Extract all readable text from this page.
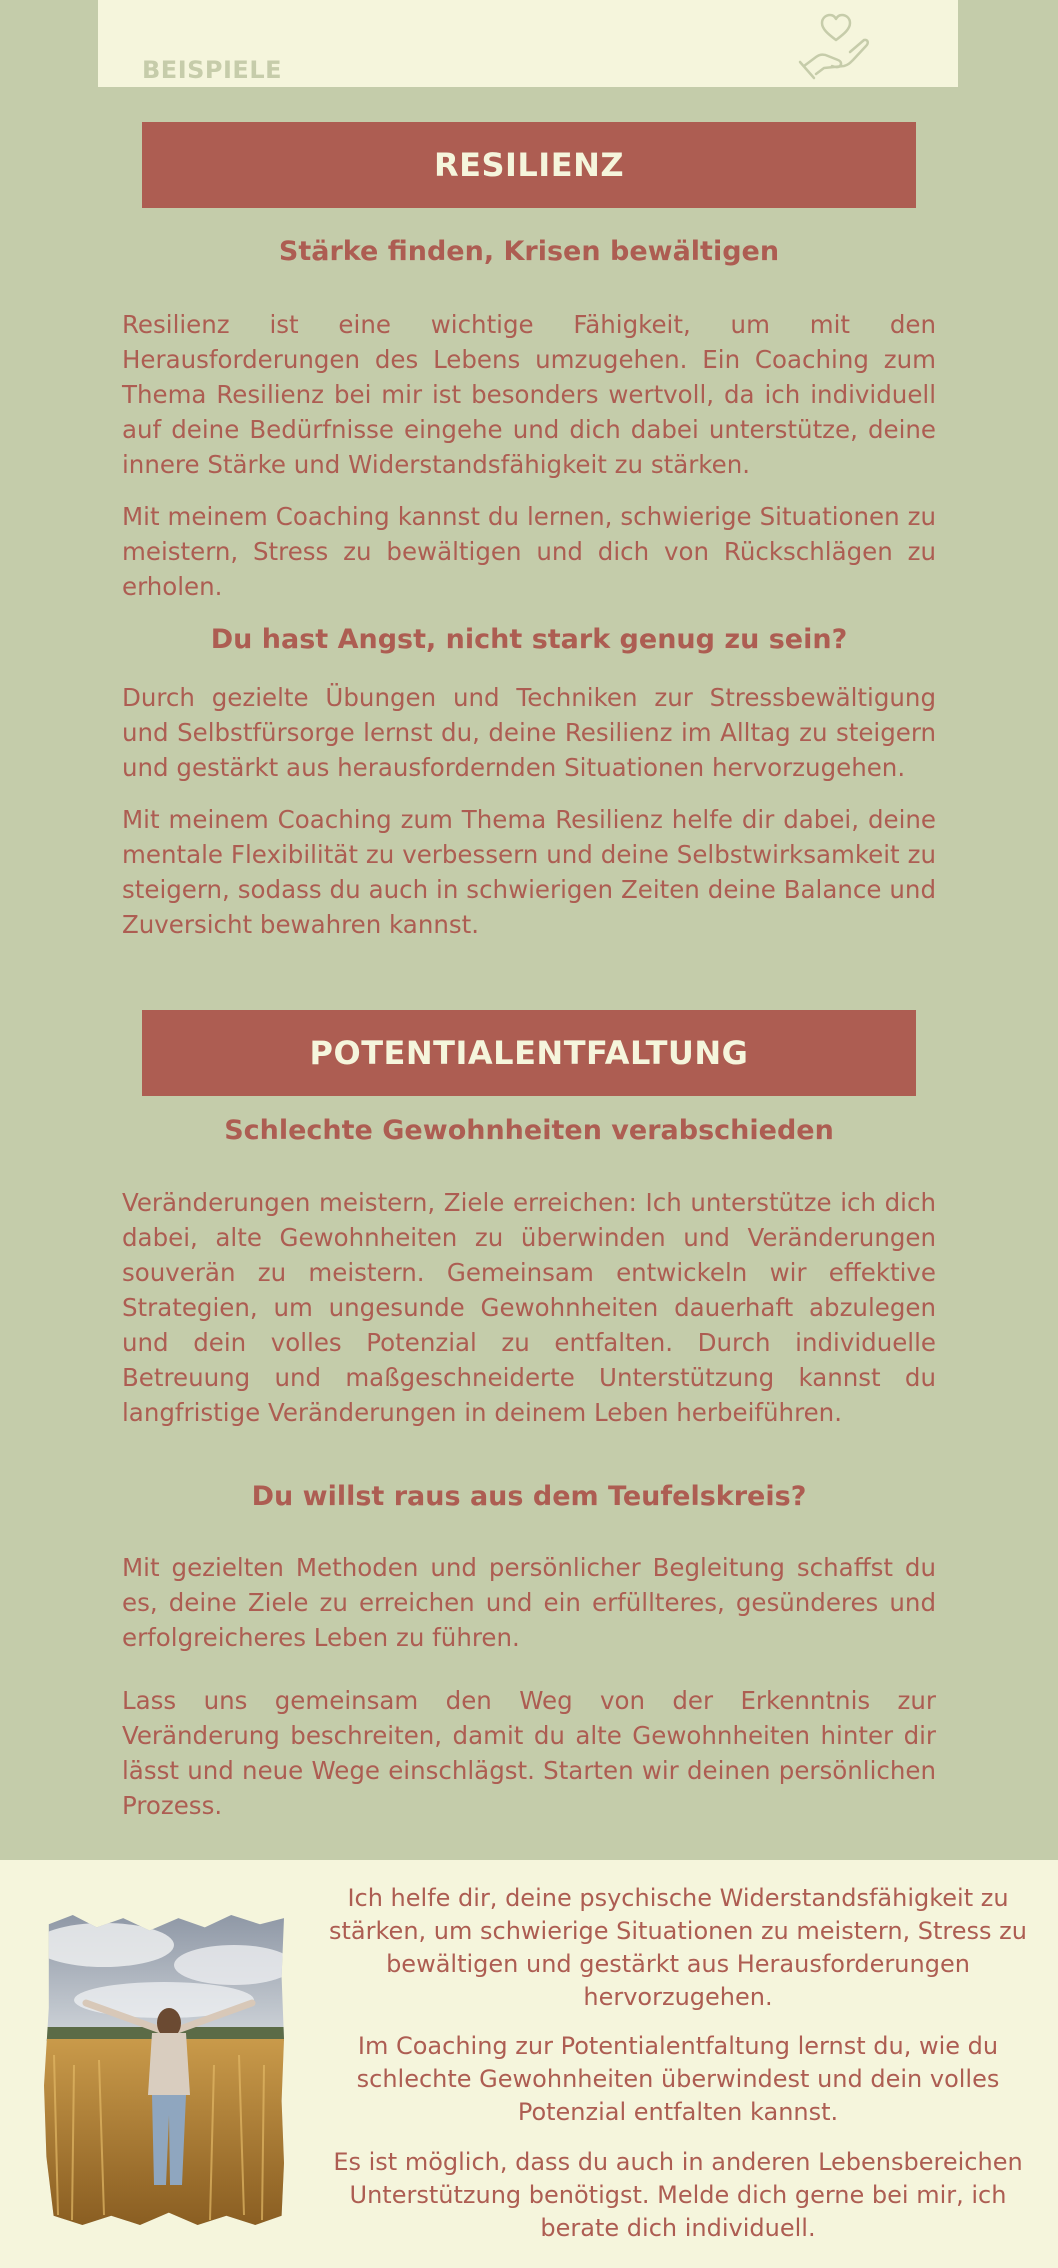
BEISPIELE
RESILIENZ
Stärke finden, Krisen bewältigen

Resilienz ist eine wichtige Fähigkeit, um mit den Herausforderungen des Lebens umzugehen. Ein Coaching zum Thema Resilienz bei mir ist besonders wertvoll, da ich individuell auf deine Bedürfnisse eingehe und dich dabei unterstütze, deine innere Stärke und Widerstandsfähigkeit zu stärken.

Mit meinem Coaching kannst du lernen, schwierige Situationen zu meistern, Stress zu bewältigen und dich von Rückschlägen zu erholen.

Du hast Angst, nicht stark genug zu sein?

Durch gezielte Übungen und Techniken zur Stressbewältigung und Selbstfürsorge lernst du, deine Resilienz im Alltag zu steigern und gestärkt aus herausfordernden Situationen hervorzugehen.

Mit meinem Coaching zum Thema Resilienz helfe dir dabei, deine mentale Flexibilität zu verbessern und deine Selbstwirksamkeit zu steigern, sodass du auch in schwierigen Zeiten deine Balance und Zuversicht bewahren kannst.

POTENTIALENTFALTUNG
Schlechte Gewohnheiten verabschieden

Veränderungen meistern, Ziele erreichen: Ich unterstütze ich dich dabei, alte Gewohnheiten zu überwinden und Veränderungen souverän zu meistern. Gemeinsam entwickeln wir effektive Strategien, um ungesunde Gewohnheiten dauerhaft abzulegen und dein volles Potenzial zu entfalten. Durch individuelle Betreuung und maßgeschneiderte Unterstützung kannst du langfristige Veränderungen in deinem Leben herbeiführen.

Du willst raus aus dem Teufelskreis?

Mit gezielten Methoden und persönlicher Begleitung schaffst du es, deine Ziele zu erreichen und ein erfüllteres, gesünderes und erfolgreicheres Leben zu führen.

Lass uns gemeinsam den Weg von der Erkenntnis zur Veränderung beschreiten, damit du alte Gewohnheiten hinter dir lässt und neue Wege einschlägst. Starten wir deinen persönlichen Prozess.

Ich helfe dir, deine psychische Widerstandsfähigkeit zu stärken, um schwierige Situationen zu meistern, Stress zu bewältigen und gestärkt aus Herausforderungen hervorzugehen.

Im Coaching zur Potentialentfaltung lernst du, wie du schlechte Gewohnheiten überwindest und dein volles Potenzial entfalten kannst.

Es ist möglich, dass du auch in anderen Lebensbereichen Unterstützung benötigst. Melde dich gerne bei mir, ich berate dich individuell.
